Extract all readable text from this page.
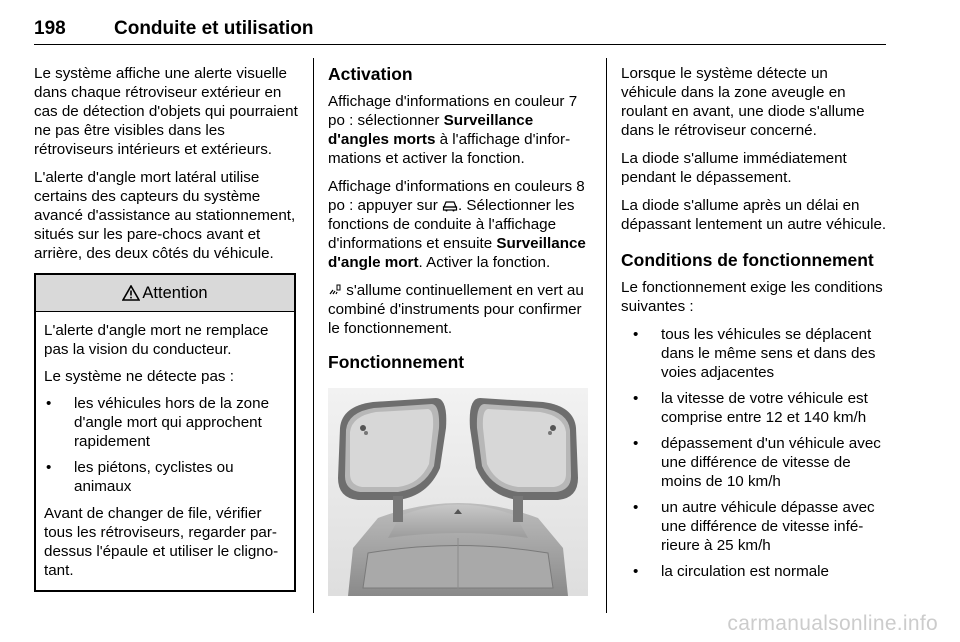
198	Conduite et utilisation

Le système affiche une alerte visuelle dans chaque rétroviseur extérieur en cas de détection d'objets qui pourraient ne pas être visibles dans les rétroviseurs intérieurs et extérieurs.

L'alerte d'angle mort latéral utilise certains des capteurs du système avancé d'assistance au stationnement, situés sur les pare-chocs avant et arrière, des deux côtés du véhicule.

Attention

L'alerte d'angle mort ne remplace pas la vision du conducteur.

Le système ne détecte pas :

• les véhicules hors de la zone d'angle mort qui approchent rapidement
• les piétons, cyclistes ou animaux

Avant de changer de file, vérifier tous les rétroviseurs, regarder par-dessus l'épaule et utiliser le clignotant.

Activation

Affichage d'informations en couleur 7 po : sélectionner Surveillance d'angles morts à l'affichage d'informations et activer la fonction.

Affichage d'informations en couleurs 8 po : appuyer sur . Sélectionner les fonctions de conduite à l'affichage d'informations et ensuite Surveillance d'angle mort. Activer la fonction.

s'allume continuellement en vert au combiné d'instruments pour confirmer le fonctionnement.

Fonctionnement

Lorsque le système détecte un véhicule dans la zone aveugle en roulant en avant, une diode s'allume dans le rétroviseur concerné.

La diode s'allume immédiatement pendant le dépassement.

La diode s'allume après un délai en dépassant lentement un autre véhicule.

Conditions de fonctionnement

Le fonctionnement exige les conditions suivantes :

• tous les véhicules se déplacent dans le même sens et dans des voies adjacentes
• la vitesse de votre véhicule est comprise entre 12 et 140 km/h
• dépassement d'un véhicule avec une différence de vitesse de moins de 10 km/h
• un autre véhicule dépasse avec une différence de vitesse inférieure à 25 km/h
• la circulation est normale
carmanualsonline.info
